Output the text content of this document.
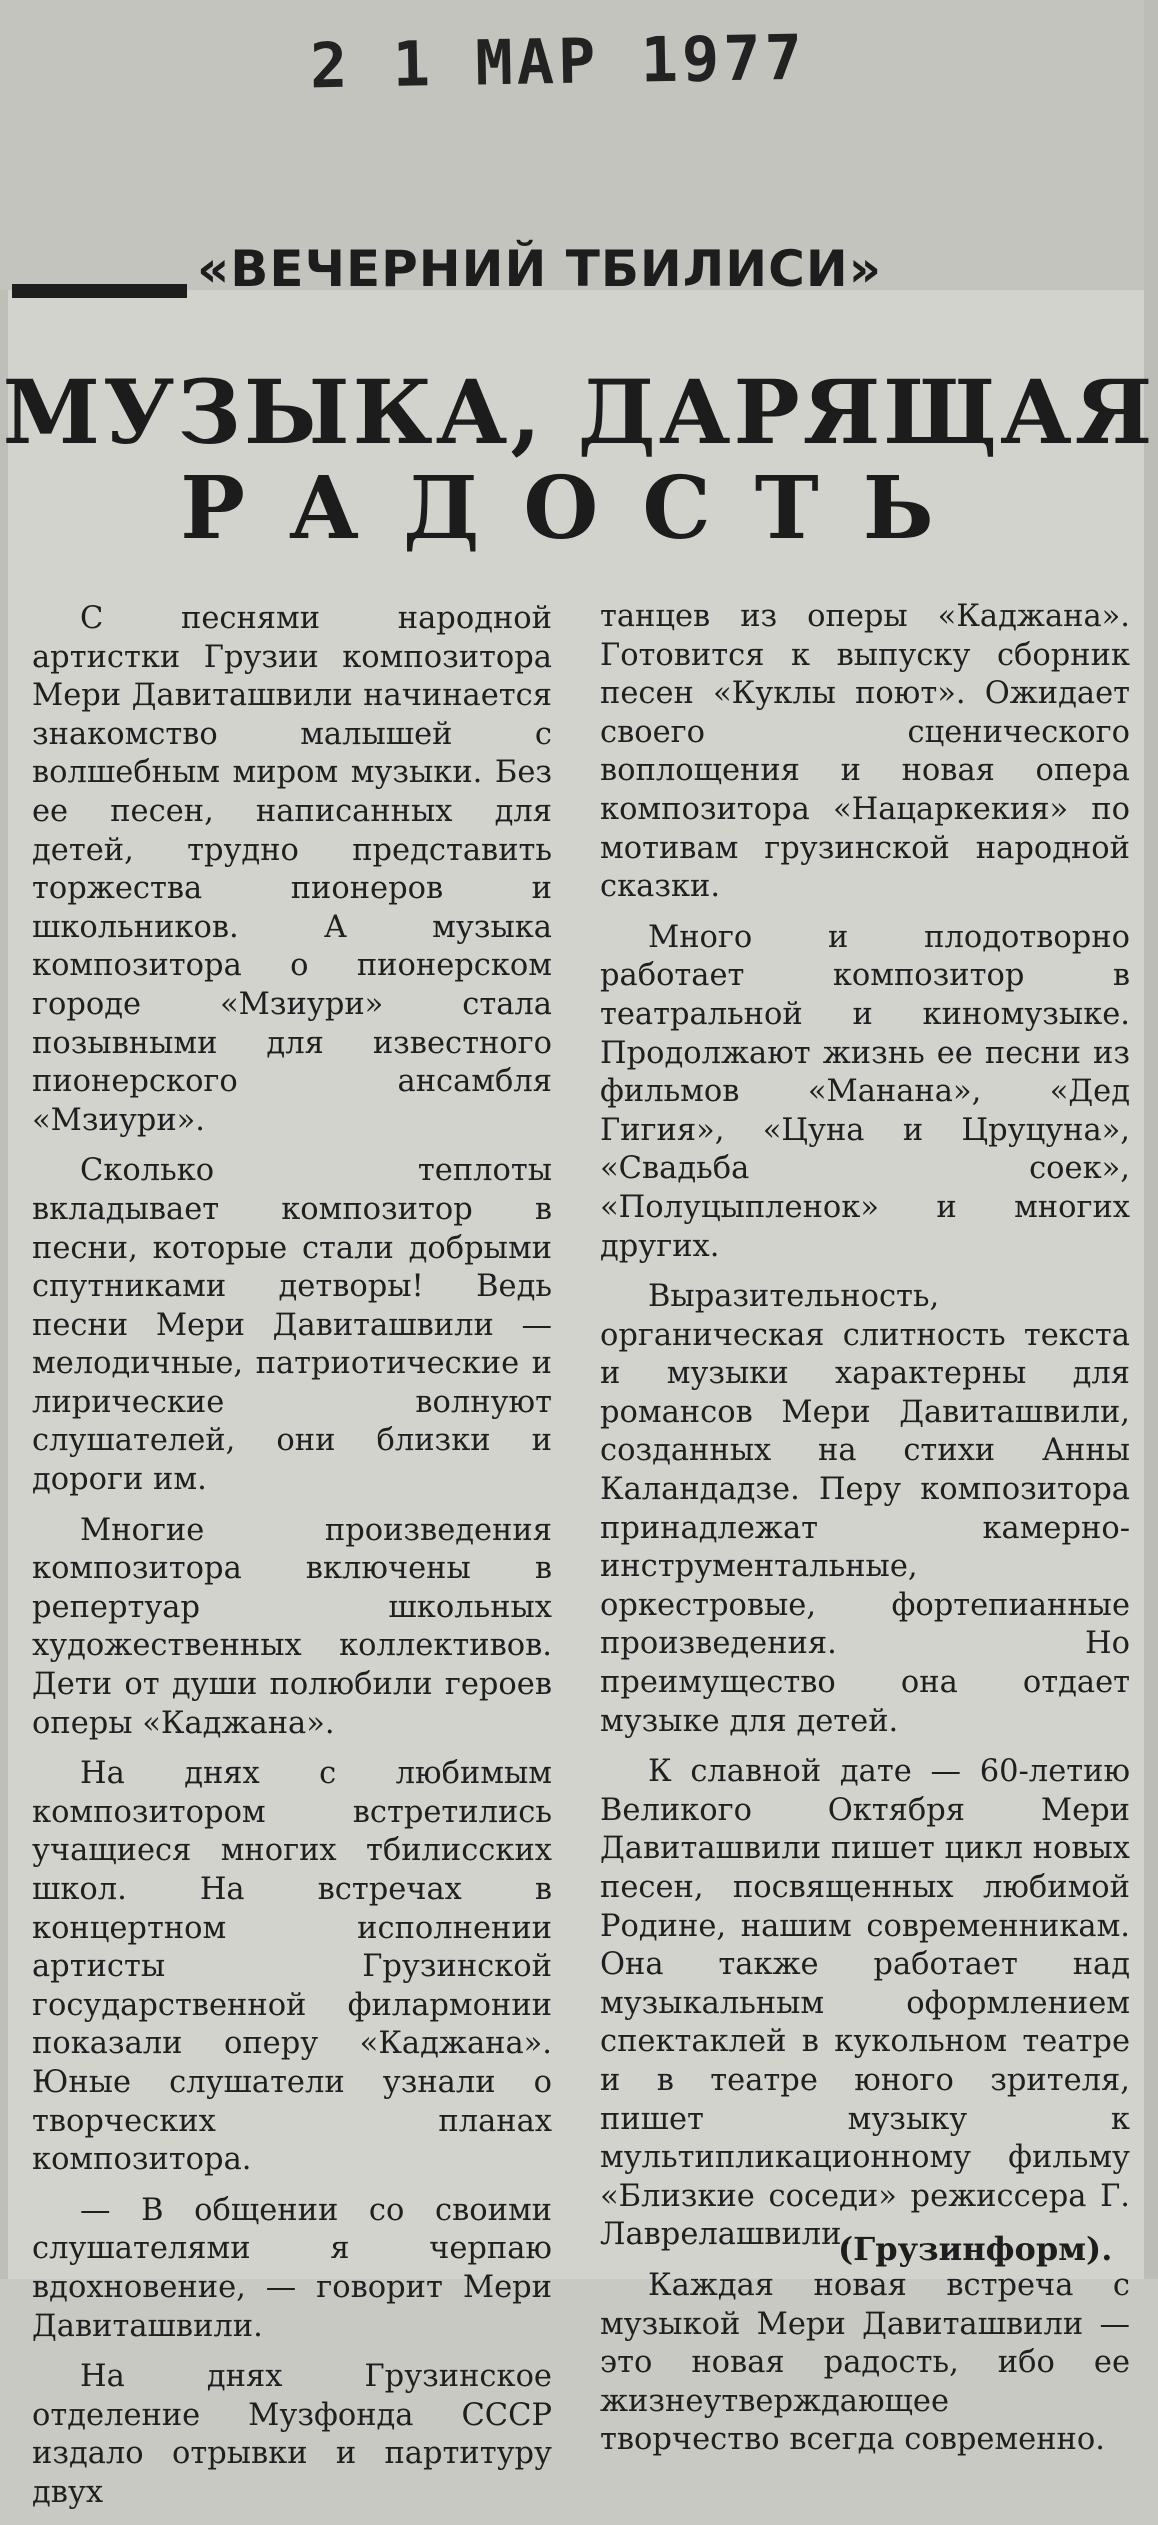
2 1 МАР 1977
«ВЕЧЕРНИЙ ТБИЛИСИ»
МУЗЫКА, ДАРЯЩАЯ
РАДОСТЬ

С песнями народной артистки Грузии композитора Мери Давиташвили начинается знакомство малышей с волшебным миром музыки. Без ее песен, написанных для детей, трудно представить торжества пионеров и школьников. А музыка композитора о пионерском городе «Мзиури» стала позывными для известного пионерского ансамбля «Мзиури».

Сколько теплоты вкладывает композитор в песни, которые стали добрыми спутниками детворы! Ведь песни Мери Давиташвили — мелодичные, патриотические и лирические волнуют слушателей, они близки и дороги им.

Многие произведения композитора включены в репертуар школьных художественных коллективов. Дети от души полюбили героев оперы «Каджана».

На днях с любимым композитором встретились учащиеся многих тбилисских школ. На встречах в концертном исполнении артисты Грузинской государственной филармонии показали оперу «Каджана». Юные слушатели узнали о творческих планах композитора.

— В общении со своими слушателями я черпаю вдохновение, — говорит Мери Давиташвили.

На днях Грузинское отделение Музфонда СССР издало отрывки и партитуру двух

танцев из оперы «Каджана». Готовится к выпуску сборник песен «Куклы поют». Ожидает своего сценического воплощения и новая опера композитора «Нацаркекия» по мотивам грузинской народной сказки.

Много и плодотворно работает композитор в театральной и киномузыке. Продолжают жизнь ее песни из фильмов «Манана», «Дед Гигия», «Цуна и Цруцуна», «Свадьба соек», «Полуцыпленок» и многих других.

Выразительность, органическая слитность текста и музыки характерны для романсов Мери Давиташвили, созданных на стихи Анны Каландадзе. Перу композитора принадлежат камерно-инструментальные, оркестровые, фортепианные произведения. Но преимущество она отдает музыке для детей.

К славной дате — 60-летию Великого Октября Мери Давиташвили пишет цикл новых песен, посвященных любимой Родине, нашим современникам. Она также работает над музыкальным оформлением спектаклей в кукольном театре и в театре юного зрителя, пишет музыку к мультипликационному фильму «Близкие соседи» режиссера Г. Лаврелашвили.

Каждая новая встреча с музыкой Мери Давиташвили — это новая радость, ибо ее жизнеутверждающее творчество всегда современно.

(Грузинформ).
